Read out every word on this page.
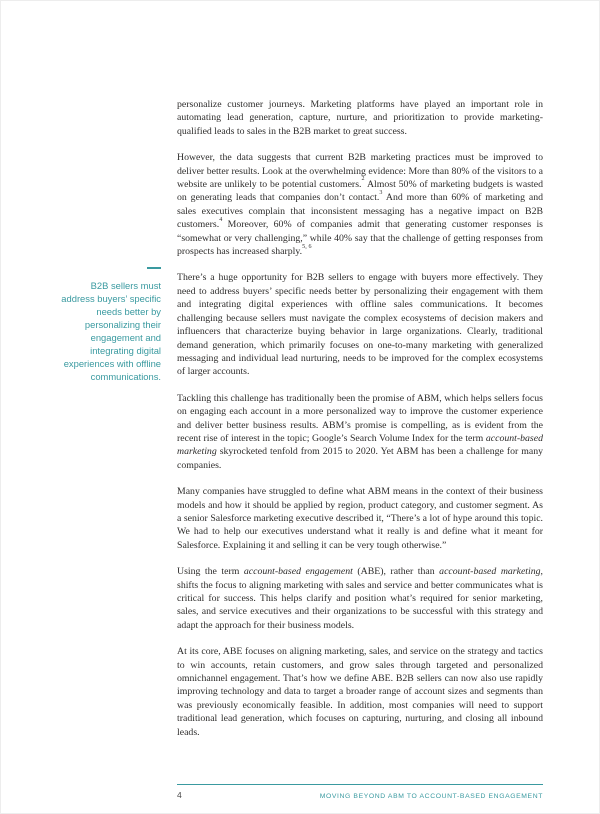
B2B sellers must address buyers’ specific needs better by personalizing their engagement and integrating digital experiences with offline communications.

personalize customer journeys. Marketing platforms have played an important role in automating lead generation, capture, nurture, and prioritization to provide marketing-qualified leads to sales in the B2B market to great success.

However, the data suggests that current B2B marketing practices must be improved to deliver better results. Look at the overwhelming evidence: More than 80% of the visitors to a website are unlikely to be potential customers.$^2$ Almost 50% of marketing budgets is wasted on generating leads that companies don’t contact.$^3$ And more than 60% of marketing and sales executives complain that inconsistent messaging has a negative impact on B2B customers.$^4$ Moreover, 60% of companies admit that generating customer responses is “somewhat or very challenging,” while 40% say that the challenge of getting responses from prospects has increased sharply.$^{5, 6}$

There’s a huge opportunity for B2B sellers to engage with buyers more effectively. They need to address buyers’ specific needs better by personalizing their engagement with them and integrating digital experiences with offline sales communications. It becomes challenging because sellers must navigate the complex ecosystems of decision makers and influencers that characterize buying behavior in large organizations. Clearly, traditional demand generation, which primarily focuses on one-to-many marketing with generalized messaging and individual lead nurturing, needs to be improved for the complex ecosystems of larger accounts.

Tackling this challenge has traditionally been the promise of ABM, which helps sellers focus on engaging each account in a more personalized way to improve the customer experience and deliver better business results. ABM’s promise is compelling, as is evident from the recent rise of interest in the topic; Google’s Search Volume Index for the term account-based marketing skyrocketed tenfold from 2015 to 2020. Yet ABM has been a challenge for many companies.

Many companies have struggled to define what ABM means in the context of their business models and how it should be applied by region, product category, and customer segment. As a senior Salesforce marketing executive described it, “There’s a lot of hype around this topic. We had to help our executives understand what it really is and define what it meant for Salesforce. Explaining it and selling it can be very tough otherwise.”

Using the term account-based engagement (ABE), rather than account-based marketing, shifts the focus to aligning marketing with sales and service and better communicates what is critical for success. This helps clarify and position what’s required for senior marketing, sales, and service executives and their organizations to be successful with this strategy and adapt the approach for their business models.

At its core, ABE focuses on aligning marketing, sales, and service on the strategy and tactics to win accounts, retain customers, and grow sales through targeted and personalized omnichannel engagement. That’s how we define ABE. B2B sellers can now also use rapidly improving technology and data to target a broader range of account sizes and segments than was previously economically feasible. In addition, most companies will need to support traditional lead generation, which focuses on capturing, nurturing, and closing all inbound leads.

4	MOVING BEYOND ABM TO ACCOUNT-BASED ENGAGEMENT
